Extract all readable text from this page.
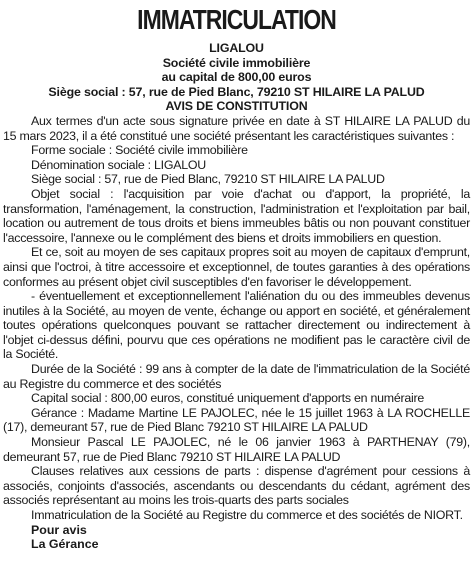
IMMATRICULATION
LIGALOU
Société civile immobilière
au capital de 800,00 euros
Siège social : 57, rue de Pied Blanc, 79210 ST HILAIRE LA PALUD
AVIS DE CONSTITUTION
Aux termes d'un acte sous signature privée en date à ST HILAIRE LA PALUD du 15 mars 2023, il a été constitué une société présentant les caractéristiques suivantes :
Forme sociale : Société civile immobilière
Dénomination sociale : LIGALOU
Siège social : 57, rue de Pied Blanc, 79210 ST HILAIRE LA PALUD
Objet social : l'acquisition par voie d'achat ou d'apport, la propriété, la transformation, l'aménagement, la construction, l'administration et l'exploitation par bail, location ou autrement de tous droits et biens immeubles bâtis ou non pouvant constituer l'accessoire, l'annexe ou le complément des biens et droits immobiliers en question.
Et ce, soit au moyen de ses capitaux propres soit au moyen de capitaux d'emprunt, ainsi que l'octroi, à titre accessoire et exceptionnel, de toutes garanties à des opérations conformes au présent objet civil susceptibles d'en favoriser le développement.
- éventuellement et exceptionnellement l'aliénation du ou des immeubles devenus inutiles à la Société, au moyen de vente, échange ou apport en société, et généralement toutes opérations quelconques pouvant se rattacher directement ou indirectement à l'objet ci-dessus défini, pourvu que ces opérations ne modifient pas le caractère civil de la Société.
Durée de la Société : 99 ans à compter de la date de l'immatriculation de la Société au Registre du commerce et des sociétés
Capital social : 800,00 euros, constitué uniquement d'apports en numéraire
Gérance : Madame Martine LE PAJOLEC, née le 15 juillet 1963 à LA ROCHELLE (17), demeurant 57, rue de Pied Blanc 79210 ST HILAIRE LA PALUD
Monsieur Pascal LE PAJOLEC, né le 06 janvier 1963 à PARTHENAY (79), demeurant 57, rue de Pied Blanc 79210 ST HILAIRE LA PALUD
Clauses relatives aux cessions de parts : dispense d'agrément pour cessions à associés, conjoints d'associés, ascendants ou descendants du cédant, agrément des associés représentant au moins les trois-quarts des parts sociales
Immatriculation de la Société au Registre du commerce et des sociétés de NIORT.
Pour avis
La Gérance
